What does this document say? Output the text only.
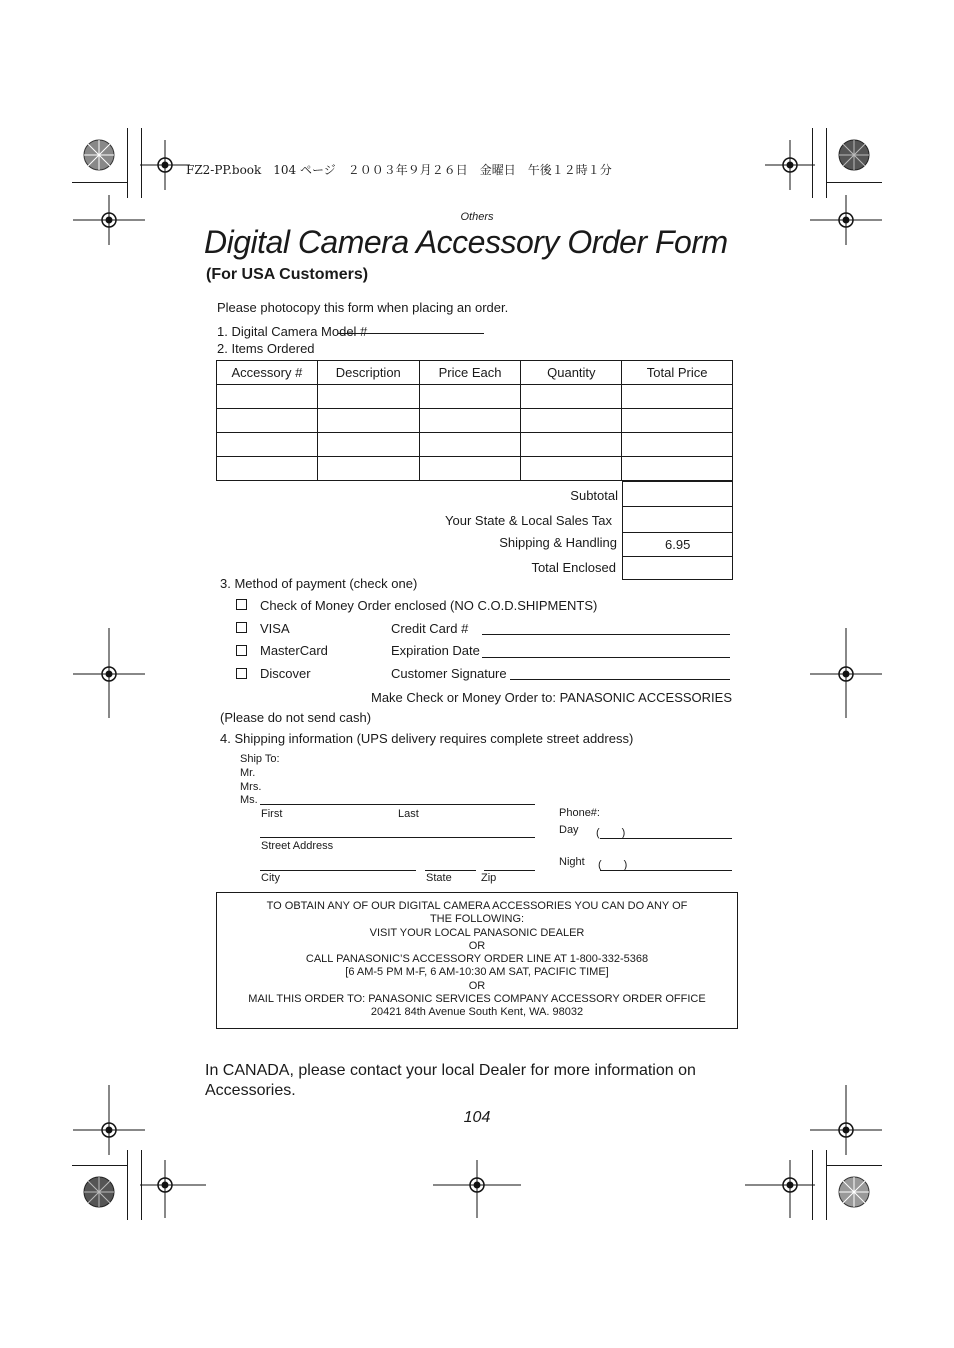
FZ2-PP.book　104 ページ　２００３年９月２６日　金曜日　午後１２時１分
Others
Digital Camera Accessory Order Form
(For USA Customers)
Please photocopy this form when placing an order.
1. Digital Camera Model #
2. Items Ordered
Accessory #	Description	Price Each	Quantity	Total Price

Subtotal
Your State & Local Sales Tax
Shipping & Handling	6.95
Total Enclosed
3. Method of payment (check one)
Check of Money Order enclosed (NO C.O.D.SHIPMENTS)
VISA	Credit Card #
MasterCard	Expiration Date
Discover	Customer Signature
Make Check or Money Order to: PANASONIC ACCESSORIES
(Please do not send cash)
4. Shipping information (UPS delivery requires complete street address)
Ship To:
Mr.
Mrs.
Ms.
First	Last
Street Address
City	State	Zip
Phone#:
Day (　　)
Night (　　)
TO OBTAIN ANY OF OUR DIGITAL CAMERA ACCESSORIES YOU CAN DO ANY OF
THE FOLLOWING:
VISIT YOUR LOCAL PANASONIC DEALER
OR
CALL PANASONIC’S ACCESSORY ORDER LINE AT 1-800-332-5368
[6 AM-5 PM M-F, 6 AM-10:30 AM SAT, PACIFIC TIME]
OR
MAIL THIS ORDER TO: PANASONIC SERVICES COMPANY ACCESSORY ORDER OFFICE
20421 84th Avenue South Kent, WA. 98032
In CANADA, please contact your local Dealer for more information on Accessories.
104
